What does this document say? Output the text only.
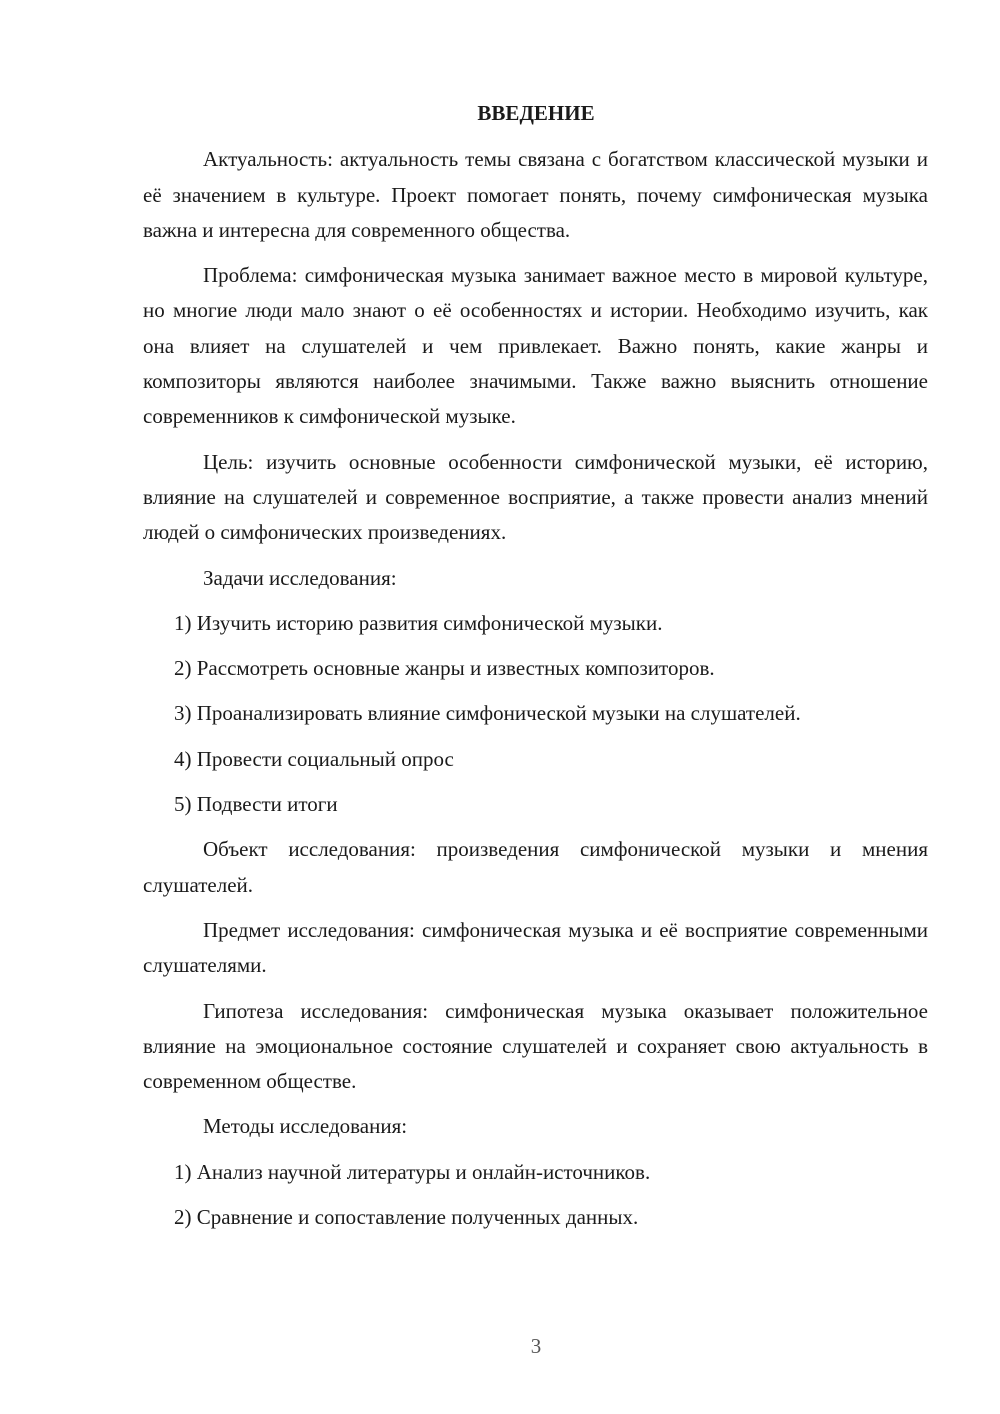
ВВЕДЕНИЕ

Актуальность: актуальность темы связана с богатством классической музыки и её значением в культуре. Проект помогает понять, почему симфоническая музыка важна и интересна для современного общества.

Проблема: симфоническая музыка занимает важное место в мировой культуре, но многие люди мало знают о её особенностях и истории. Необходимо изучить, как она влияет на слушателей и чем привлекает. Важно понять, какие жанры и композиторы являются наиболее значимыми. Также важно выяснить отношение современников к симфонической музыке.

Цель: изучить основные особенности симфонической музыки, её историю, влияние на слушателей и современное восприятие, а также провести анализ мнений людей о симфонических произведениях.

Задачи исследования:

1) Изучить историю развития симфонической музыки.

2) Рассмотреть основные жанры и известных композиторов.

3) Проанализировать влияние симфонической музыки на слушателей.

4) Провести социальный опрос

5) Подвести итоги

Объект исследования: произведения симфонической музыки и мнения слушателей.

Предмет исследования: симфоническая музыка и её восприятие современными слушателями.

Гипотеза исследования: симфоническая музыка оказывает положительное влияние на эмоциональное состояние слушателей и сохраняет свою актуальность в современном обществе.

Методы исследования:

1) Анализ научной литературы и онлайн-источников.

2) Сравнение и сопоставление полученных данных.

3
